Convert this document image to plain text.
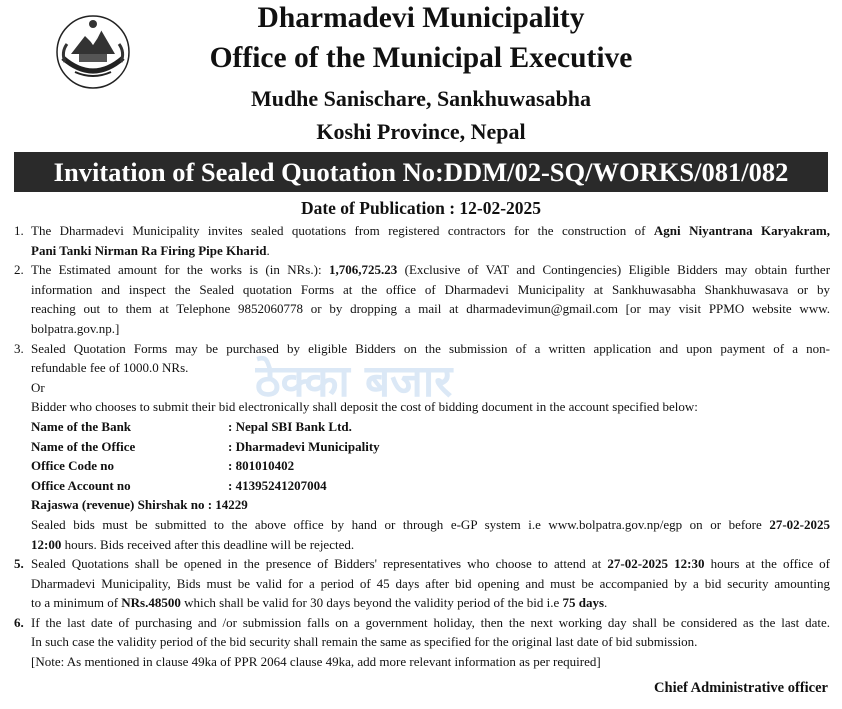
Dharmadevi Municipality
Office of the Municipal Executive
Mudhe Sanischare, Sankhuwasabha
Koshi Province, Nepal
Invitation of Sealed Quotation No:DDM/02-SQ/WORKS/081/082
Date of Publication : 12-02-2025
ठेक्का बजार
1. The Dharmadevi Municipality invites sealed quotations from registered contractors for the construction of Agni Niyantrana Karyakram,
Pani Tanki Nirman Ra Firing Pipe Kharid.
2. The Estimated amount for the works is (in NRs.): 1,706,725.23 (Exclusive of VAT and Contingencies) Eligible Bidders may obtain further
information and inspect the Sealed quotation Forms at the office of Dharmadevi Municipality at Sankhuwasabha Shankhuwasava or by
reaching out to them at Telephone 9852060778 or by dropping a mail at dharmadevimun@gmail.com [or may visit PPMO website www.
bolpatra.gov.np.]
3. Sealed Quotation Forms may be purchased by eligible Bidders on the submission of a written application and upon payment of a non-
refundable fee of 1000.0 NRs.
Or
Bidder who chooses to submit their bid electronically shall deposit the cost of bidding document in the account specified below:
Name of the Bank	: Nepal SBI Bank Ltd.
Name of the Office	: Dharmadevi Municipality
Office Code no	: 801010402
Office Account no	: 41395241207004
Rajaswa (revenue) Shirshak no : 14229
Sealed bids must be submitted to the above office by hand or through e-GP system i.e www.bolpatra.gov.np/egp on or before 27-02-2025
12:00 hours. Bids received after this deadline will be rejected.
5. Sealed Quotations shall be opened in the presence of Bidders' representatives who choose to attend at 27-02-2025 12:30 hours at the office of
Dharmadevi Municipality, Bids must be valid for a period of 45 days after bid opening and must be accompanied by a bid security amounting
to a minimum of NRs.48500 which shall be valid for 30 days beyond the validity period of the bid i.e 75 days.
6. If the last date of purchasing and /or submission falls on a government holiday, then the next working day shall be considered as the last date.
In such case the validity period of the bid security shall remain the same as specified for the original last date of bid submission.
[Note: As mentioned in clause 49ka of PPR 2064 clause 49ka, add more relevant information as per required]
Chief Administrative officer
